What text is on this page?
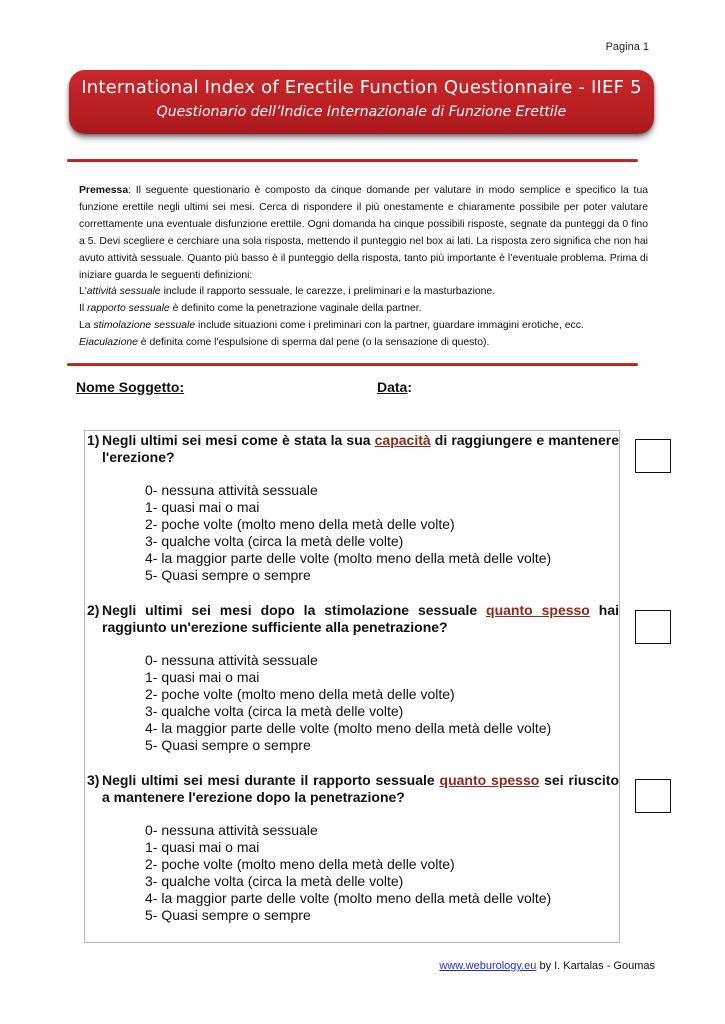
Pagina 1
International Index of Erectile Function Questionnaire - IIEF 5
Questionario dell’Indice Internazionale di Funzione Erettile

Premessa: Il seguente questionario è composto da cinque domande per valutare in modo semplice e specifico la tua funzione erettile negli ultimi sei mesi. Cerca di rispondere il più onestamente e chiaramente possibile per poter valutare correttamente una eventuale disfunzione erettile. Ogni domanda ha cinque possibili risposte, segnate da punteggi da 0 fino a 5. Devi scegliere e cerchiare una sola risposta, mettendo il punteggio nel box ai lati. La risposta zero significa che non hai avuto attività sessuale. Quanto più basso è il punteggio della risposta, tanto più importante è l’eventuale problema. Prima di iniziare guarda le seguenti definizioni:

L'attività sessuale include il rapporto sessuale, le carezze, i preliminari e la masturbazione.

Il rapporto sessuale è definito come la penetrazione vaginale della partner.

La stimolazione sessuale include situazioni come i preliminari con la partner, guardare immagini erotiche, ecc.

Eiaculazione è definita come l'espulsione di sperma dal pene (o la sensazione di questo).

Nome Soggetto:	Data:
1) Negli ultimi sei mesi come è stata la sua capacità di raggiungere e mantenere l'erezione?
0- nessuna attività sessuale
1- quasi mai o mai
2- poche volte (molto meno della metà delle volte)
3- qualche volta (circa la metà delle volte)
4- la maggior parte delle volte (molto meno della metà delle volte)
5- Quasi sempre o sempre
2) Negli ultimi sei mesi dopo la stimolazione sessuale quanto spesso hai raggiunto un'erezione sufficiente alla penetrazione?
0- nessuna attività sessuale
1- quasi mai o mai
2- poche volte (molto meno della metà delle volte)
3- qualche volta (circa la metà delle volte)
4- la maggior parte delle volte (molto meno della metà delle volte)
5- Quasi sempre o sempre
3) Negli ultimi sei mesi durante il rapporto sessuale quanto spesso sei riuscito a mantenere l'erezione dopo la penetrazione?
0- nessuna attività sessuale
1- quasi mai o mai
2- poche volte (molto meno della metà delle volte)
3- qualche volta (circa la metà delle volte)
4- la maggior parte delle volte (molto meno della metà delle volte)
5- Quasi sempre o sempre
www.weburology.eu by I. Kartalas - Goumas
